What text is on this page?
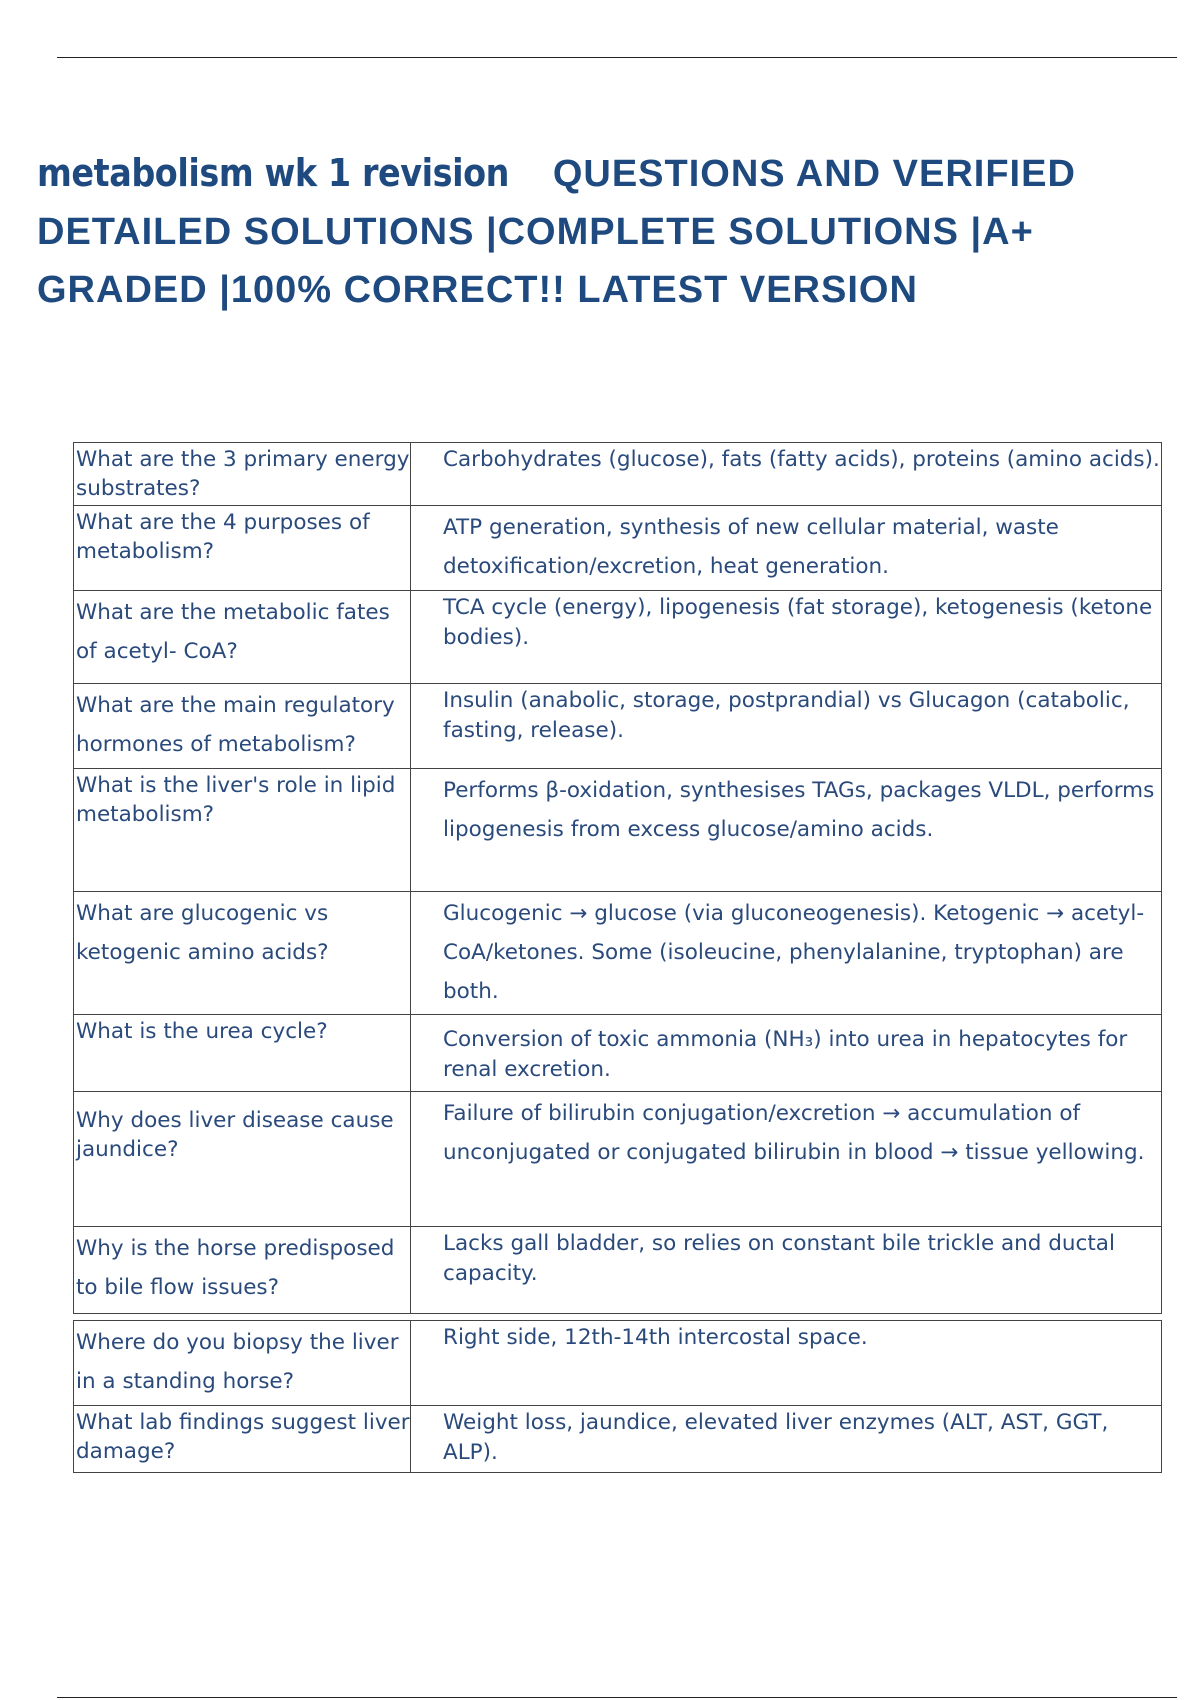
metabolism wk 1 revision QUESTIONS AND VERIFIED DETAILED SOLUTIONS |COMPLETE SOLUTIONS |A+ GRADED |100% CORRECT!! LATEST VERSION
What are the 3 primary energy substrates?	Carbohydrates (glucose), fats (fatty acids), proteins (amino acids).
What are the 4 purposes of metabolism?	ATP generation, synthesis of new cellular material, waste detoxification/excretion, heat generation.
What are the metabolic fates of acetyl- CoA?	TCA cycle (energy), lipogenesis (fat storage), ketogenesis (ketone bodies).
What are the main regulatory hormones of metabolism?	Insulin (anabolic, storage, postprandial) vs Glucagon (catabolic, fasting, release).
What is the liver's role in lipid metabolism?	Performs β-oxidation, synthesises TAGs, packages VLDL, performs lipogenesis from excess glucose/amino acids.
What are glucogenic vs ketogenic amino acids?	Glucogenic → glucose (via gluconeogenesis). Ketogenic → acetyl-CoA/ketones. Some (isoleucine, phenylalanine, tryptophan) are both.
What is the urea cycle?	Conversion of toxic ammonia (NH₃) into urea in hepatocytes for renal excretion.
Why does liver disease cause jaundice?	Failure of bilirubin conjugation/excretion → accumulation of unconjugated or conjugated bilirubin in blood → tissue yellowing.
Why is the horse predisposed to bile flow issues?	Lacks gall bladder, so relies on constant bile trickle and ductal capacity.
Where do you biopsy the liver in a standing horse?	Right side, 12th-14th intercostal space.
What lab findings suggest liver damage?	Weight loss, jaundice, elevated liver enzymes (ALT, AST, GGT, ALP).
